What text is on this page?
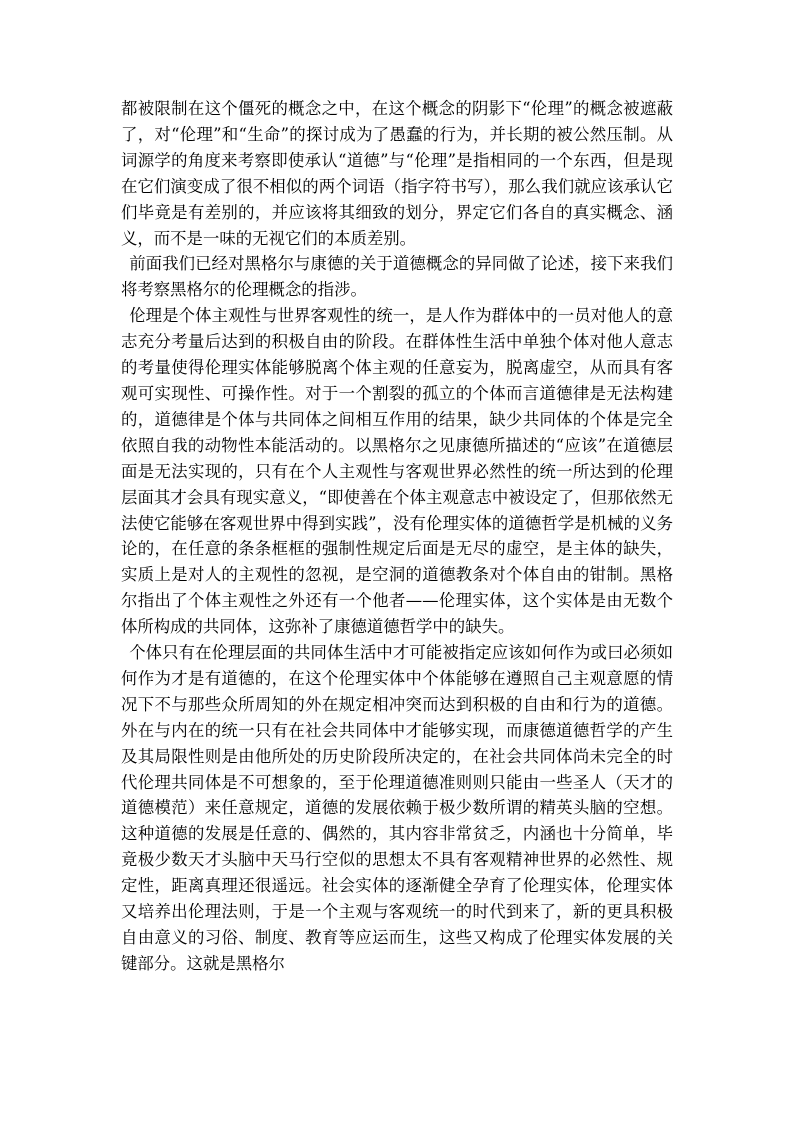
都被限制在这个僵死的概念之中，在这个概念的阴影下“伦理”的概念被遮蔽了，对“伦理”和“生命”的探讨成为了愚蠢的行为，并长期的被公然压制。从词源学的角度来考察即使承认“道德”与“伦理”是指相同的一个东西，但是现在它们演变成了很不相似的两个词语（指字符书写），那么我们就应该承认它们毕竟是有差别的，并应该将其细致的划分，界定它们各自的真实概念、涵义，而不是一味的无视它们的本质差别。

前面我们已经对黑格尔与康德的关于道德概念的异同做了论述，接下来我们将考察黑格尔的伦理概念的指涉。

伦理是个体主观性与世界客观性的统一，是人作为群体中的一员对他人的意志充分考量后达到的积极自由的阶段。在群体性生活中单独个体对他人意志的考量使得伦理实体能够脱离个体主观的任意妄为，脱离虚空，从而具有客观可实现性、可操作性。对于一个割裂的孤立的个体而言道德律是无法构建的，道德律是个体与共同体之间相互作用的结果，缺少共同体的个体是完全依照自我的动物性本能活动的。以黑格尔之见康德所描述的“应该”在道德层面是无法实现的，只有在个人主观性与客观世界必然性的统一所达到的伦理层面其才会具有现实意义，“即使善在个体主观意志中被设定了，但那依然无法使它能够在客观世界中得到实践”，没有伦理实体的道德哲学是机械的义务论的，在任意的条条框框的强制性规定后面是无尽的虚空，是主体的缺失，实质上是对人的主观性的忽视，是空洞的道德教条对个体自由的钳制。黑格尔指出了个体主观性之外还有一个他者——伦理实体，这个实体是由无数个体所构成的共同体，这弥补了康德道德哲学中的缺失。

个体只有在伦理层面的共同体生活中才可能被指定应该如何作为或曰必须如何作为才是有道德的，在这个伦理实体中个体能够在遵照自己主观意愿的情况下不与那些众所周知的外在规定相冲突而达到积极的自由和行为的道德。外在与内在的统一只有在社会共同体中才能够实现，而康德道德哲学的产生及其局限性则是由他所处的历史阶段所决定的，在社会共同体尚未完全的时代伦理共同体是不可想象的，至于伦理道德准则则只能由一些圣人（天才的道德模范）来任意规定，道德的发展依赖于极少数所谓的精英头脑的空想。这种道德的发展是任意的、偶然的，其内容非常贫乏，内涵也十分简单，毕竟极少数天才头脑中天马行空似的思想太不具有客观精神世界的必然性、规定性，距离真理还很遥远。社会实体的逐渐健全孕育了伦理实体，伦理实体又培养出伦理法则，于是一个主观与客观统一的时代到来了，新的更具积极自由意义的习俗、制度、教育等应运而生，这些又构成了伦理实体发展的关键部分。这就是黑格尔
